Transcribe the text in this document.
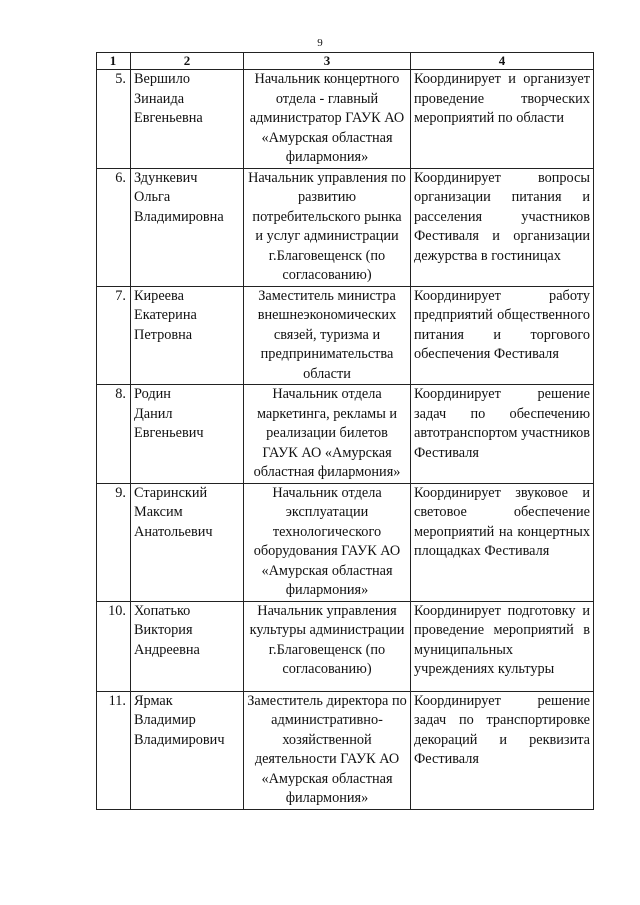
9
1	2	3	4
5.	Вершило
Зинаида
Евгеньевна	Начальник концертного отдела - главный администратор ГАУК АО «Амурская областная филармония»	Координирует и организует проведение творческих мероприятий по области
6.	Здункевич
Ольга
Владимировна	Начальник управления по развитию потребительского рынка и услуг администрации г.Благовещенск (по согласованию)	Координирует вопросы организации питания и расселения участников Фестиваля и организации дежурства в гостиницах
7.	Киреева
Екатерина
Петровна	Заместитель министра внешнеэкономических связей, туризма и предпринимательства области	Координирует работу предприятий общественного питания и торгового обеспечения Фестиваля
8.	Родин
Данил
Евгеньевич	Начальник отдела маркетинга, рекламы и реализации билетов ГАУК АО «Амурская областная филармония»	Координирует решение задач по обеспечению автотранспортом участников Фестиваля
9.	Старинский
Максим
Анатольевич	Начальник отдела эксплуатации технологического оборудования ГАУК АО «Амурская областная филармония»	Координирует звуковое и световое обеспечение мероприятий на концертных площадках Фестиваля
10.	Хопатько
Виктория
Андреевна	Начальник управления культуры администрации г.Благовещенск (по согласованию)	Координирует подготовку и проведение мероприятий в муниципальных учреждениях культуры
11.	Ярмак
Владимир
Владимирович	Заместитель директора по административно-хозяйственной деятельности ГАУК АО «Амурская областная филармония»	Координирует решение задач по транспортировке декораций и реквизита Фестиваля
